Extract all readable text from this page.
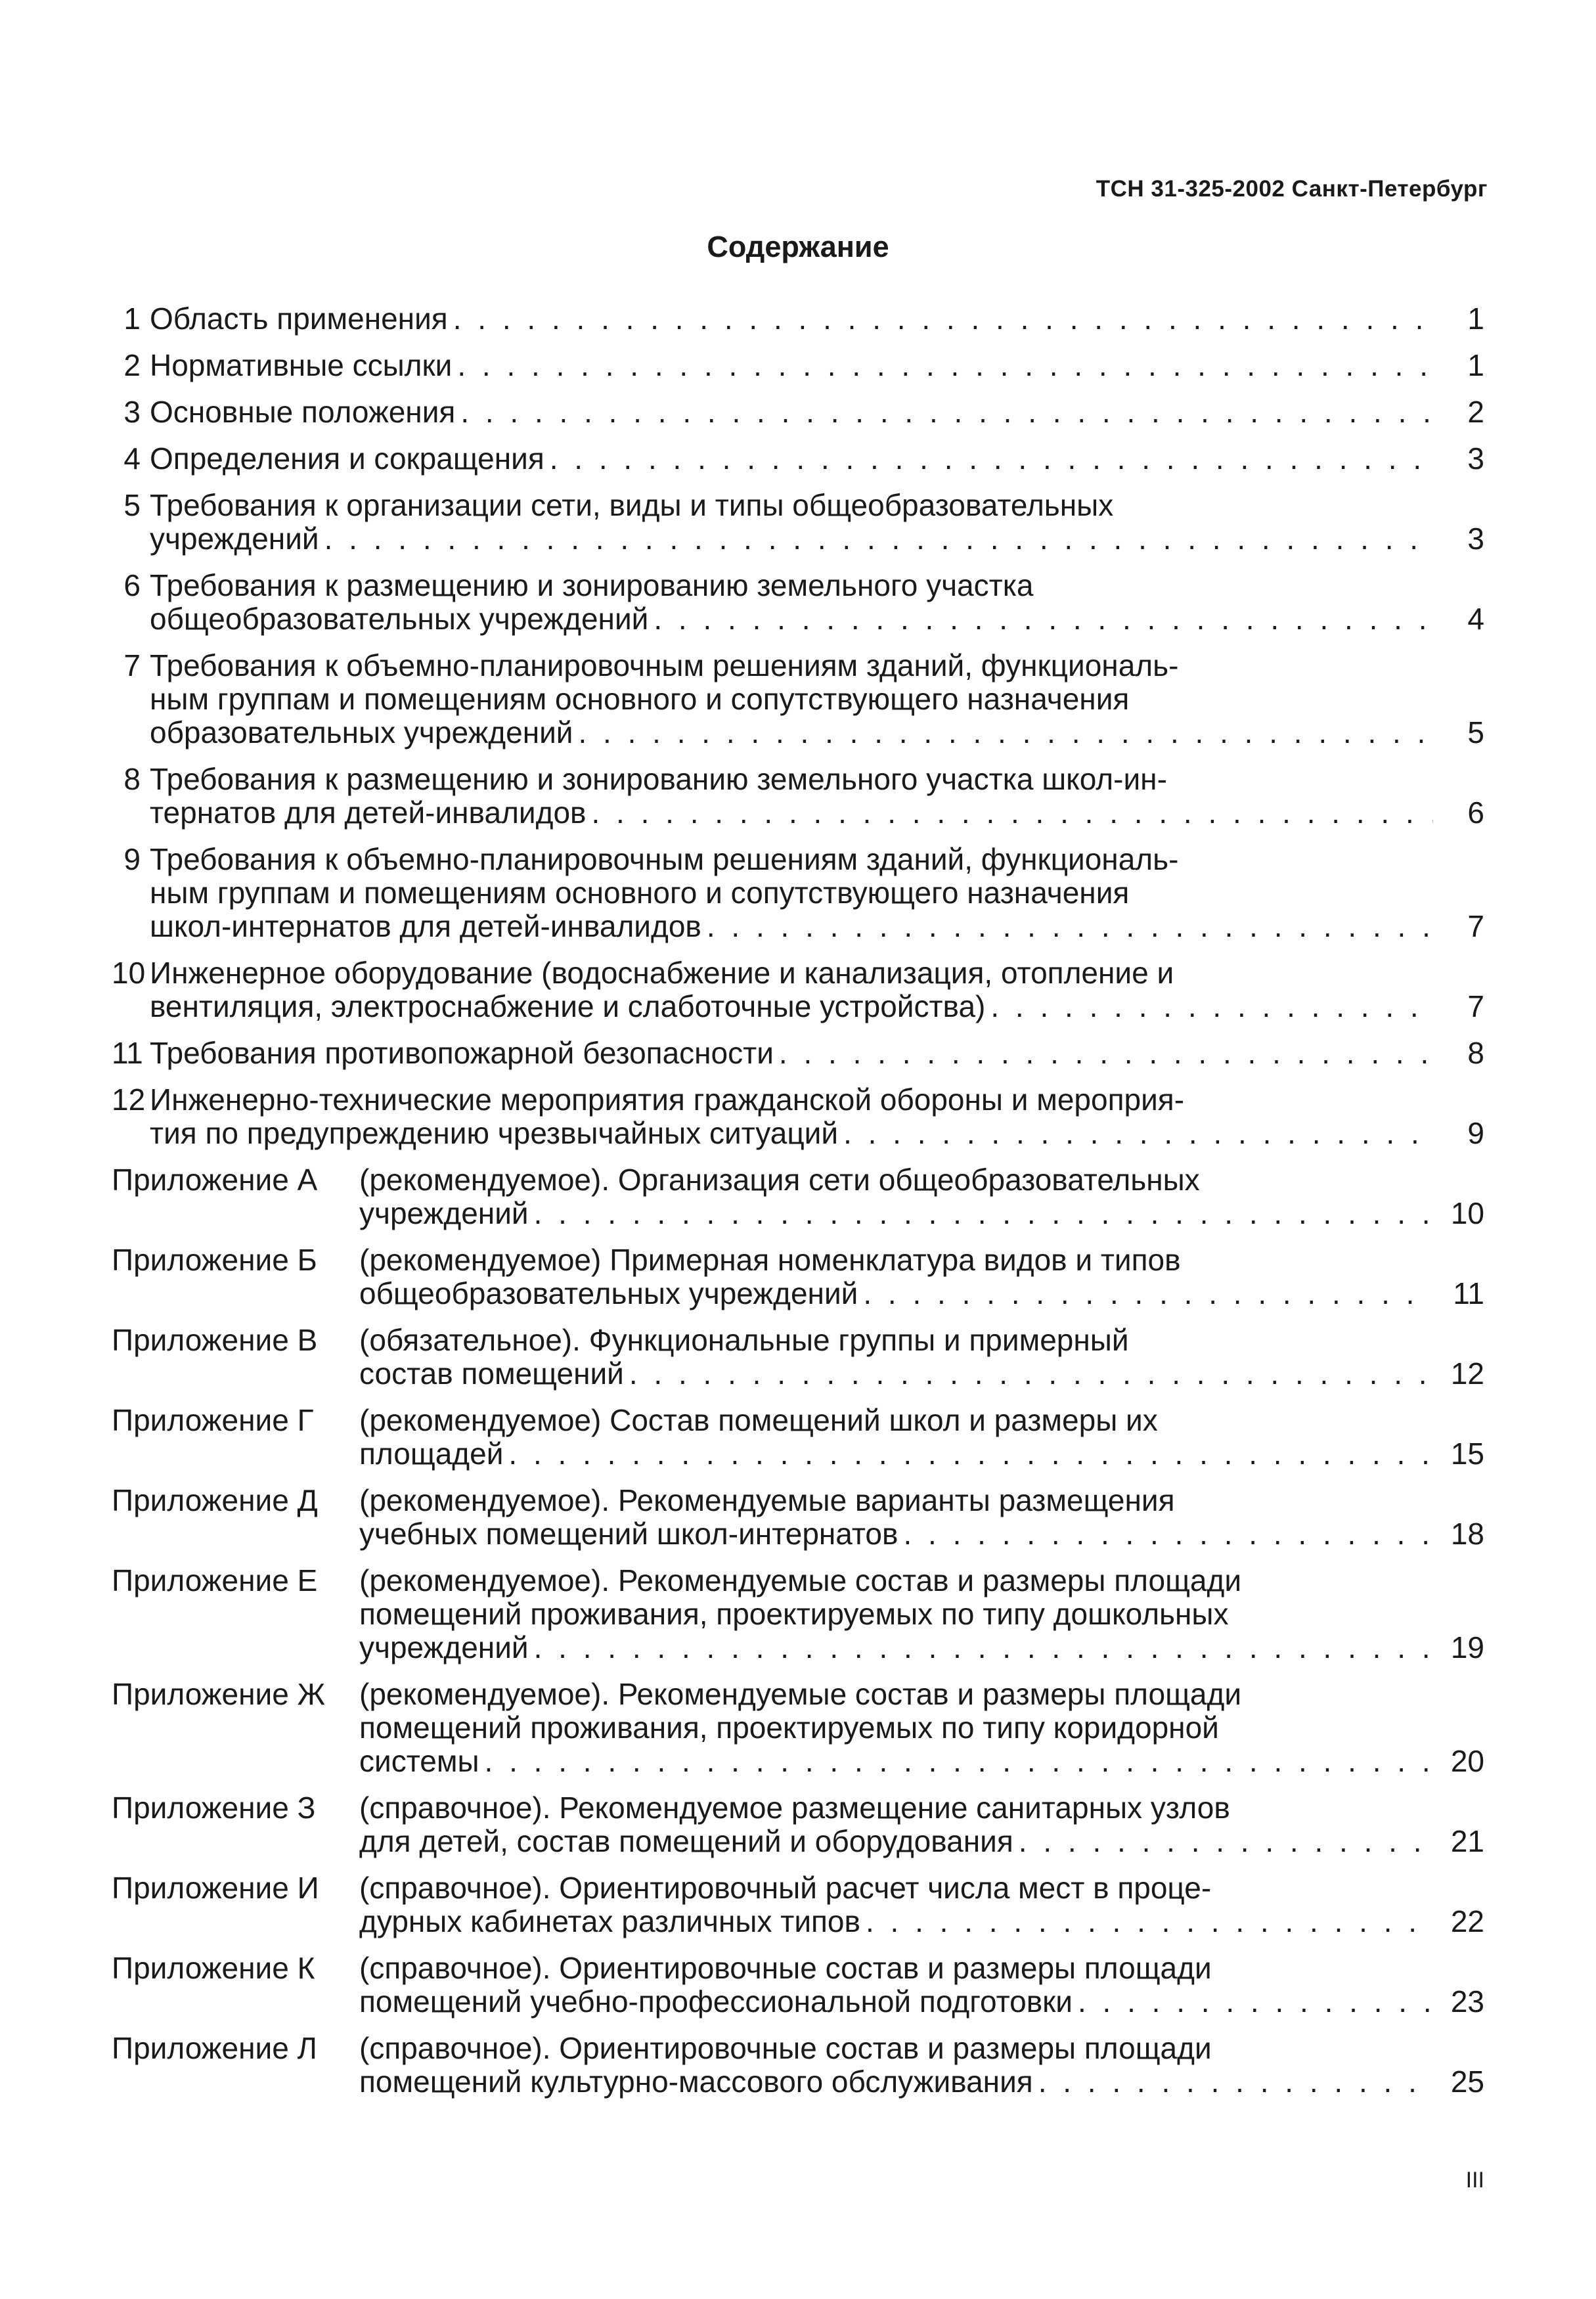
ТСН 31-325-2002 Санкт-Петербург
Содержание
1 Область применения . . .	1
2 Нормативные ссылки . . .	1
3 Основные положения . . .	2
4 Определения и сокращения . . .	3
5 Требования к организации сети, виды и типы общеобразовательных
учреждений . . .	3
6 Требования к размещению и зонированию земельного участка
общеобразовательных учреждений . . .	4
7 Требования к объемно-планировочным решениям зданий, функциональ-
ным группам и помещениям основного и сопутствующего назначения
образовательных учреждений . . .	5
8 Требования к размещению и зонированию земельного участка школ-ин-
тернатов для детей-инвалидов . . .	6
9 Требования к объемно-планировочным решениям зданий, функциональ-
ным группам и помещениям основного и сопутствующего назначения
школ-интернатов для детей-инвалидов . . .	7
10 Инженерное оборудование (водоснабжение и канализация, отопление и
вентиляция, электроснабжение и слаботочные устройства) . . .	7
11 Требования противопожарной безопасности . . .	8
12 Инженерно-технические мероприятия гражданской обороны и мероприя-
тия по предупреждению чрезвычайных ситуаций . . .	9
Приложение А	(рекомендуемое). Организация сети общеобразовательных
учреждений . . .	10
Приложение Б	(рекомендуемое) Примерная номенклатура видов и типов
общеобразовательных учреждений . . .	11
Приложение В	(обязательное). Функциональные группы и примерный
состав помещений . . .	12
Приложение Г	(рекомендуемое) Состав помещений школ и размеры их
площадей . . .	15
Приложение Д	(рекомендуемое). Рекомендуемые варианты размещения
учебных помещений школ-интернатов . . .	18
Приложение Е	(рекомендуемое). Рекомендуемые состав и размеры площади
помещений проживания, проектируемых по типу дошкольных
учреждений . . .	19
Приложение Ж	(рекомендуемое). Рекомендуемые состав и размеры площади
помещений проживания, проектируемых по типу коридорной
системы . . .	20
Приложение З	(справочное). Рекомендуемое размещение санитарных узлов
для детей, состав помещений и оборудования . . .	21
Приложение И	(справочное). Ориентировочный расчет числа мест в проце-
дурных кабинетах различных типов . . .	22
Приложение К	(справочное). Ориентировочные состав и размеры площади
помещений учебно-профессиональной подготовки . . .	23
Приложение Л	(справочное). Ориентировочные состав и размеры площади
помещений культурно-массового обслуживания . . .	25
III
